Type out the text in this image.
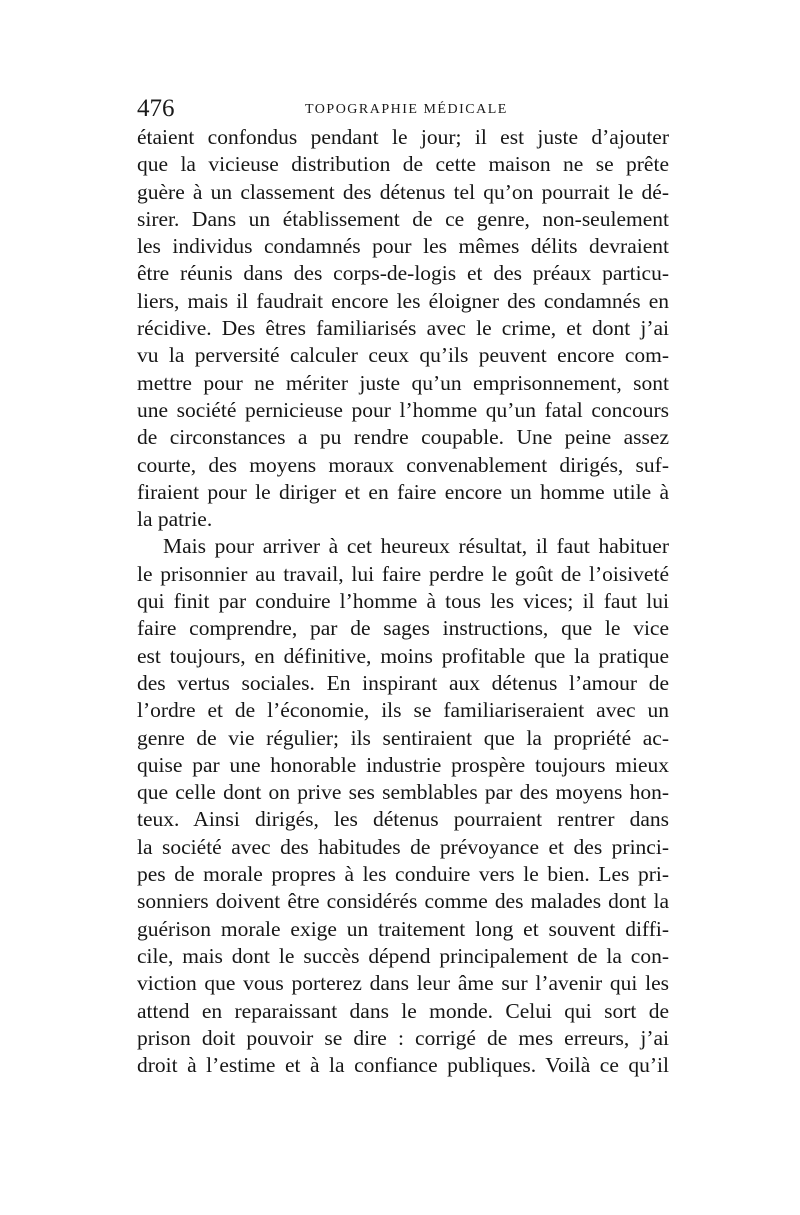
476	TOPOGRAPHIE MÉDICALE
étaient confondus pendant le jour; il est juste d’ajouter
que la vicieuse distribution de cette maison ne se prête
guère à un classement des détenus tel qu’on pourrait le dé-
sirer. Dans un établissement de ce genre, non-seulement
les individus condamnés pour les mêmes délits devraient
être réunis dans des corps-de-logis et des préaux particu-
liers, mais il faudrait encore les éloigner des condamnés en
récidive. Des êtres familiarisés avec le crime, et dont j’ai
vu la perversité calculer ceux qu’ils peuvent encore com-
mettre pour ne mériter juste qu’un emprisonnement, sont
une société pernicieuse pour l’homme qu’un fatal concours
de circonstances a pu rendre coupable. Une peine assez
courte, des moyens moraux convenablement dirigés, suf-
firaient pour le diriger et en faire encore un homme utile à
la patrie.
Mais pour arriver à cet heureux résultat, il faut habituer
le prisonnier au travail, lui faire perdre le goût de l’oisiveté
qui finit par conduire l’homme à tous les vices; il faut lui
faire comprendre, par de sages instructions, que le vice
est toujours, en définitive, moins profitable que la pratique
des vertus sociales. En inspirant aux détenus l’amour de
l’ordre et de l’économie, ils se familiariseraient avec un
genre de vie régulier; ils sentiraient que la propriété ac-
quise par une honorable industrie prospère toujours mieux
que celle dont on prive ses semblables par des moyens hon-
teux. Ainsi dirigés, les détenus pourraient rentrer dans
la société avec des habitudes de prévoyance et des princi-
pes de morale propres à les conduire vers le bien. Les pri-
sonniers doivent être considérés comme des malades dont la
guérison morale exige un traitement long et souvent diffi-
cile, mais dont le succès dépend principalement de la con-
viction que vous porterez dans leur âme sur l’avenir qui les
attend en reparaissant dans le monde. Celui qui sort de
prison doit pouvoir se dire : corrigé de mes erreurs, j’ai
droit à l’estime et à la confiance publiques. Voilà ce qu’il
